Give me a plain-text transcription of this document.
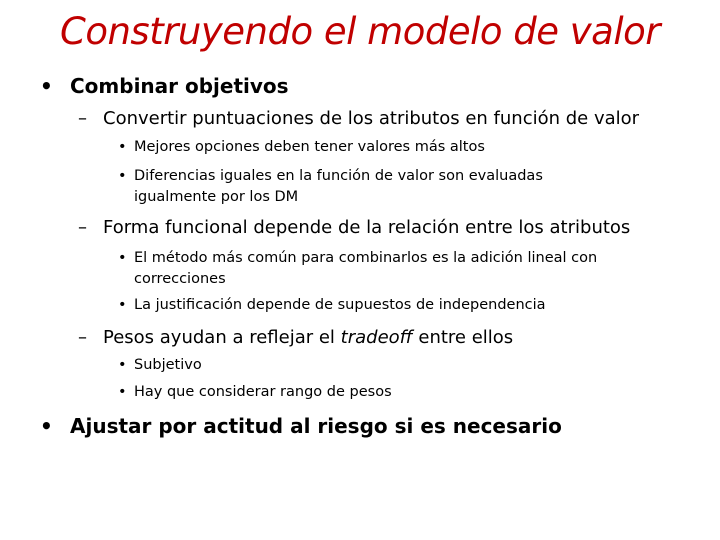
Construyendo el modelo de valor
• Combinar objetivos
– Convertir puntuaciones de los atributos en función de valor
• Mejores opciones deben tener valores más altos
• Diferencias iguales en la función de valor son evaluadas
igualmente por los DM
– Forma funcional depende de la relación entre los atributos
• El método más común para combinarlos es la adición lineal con
correcciones
• La justificación depende de supuestos de independencia
– Pesos ayudan a reflejar el tradeoff entre ellos
• Subjetivo
• Hay que considerar rango de pesos
• Ajustar por actitud al riesgo si es necesario
